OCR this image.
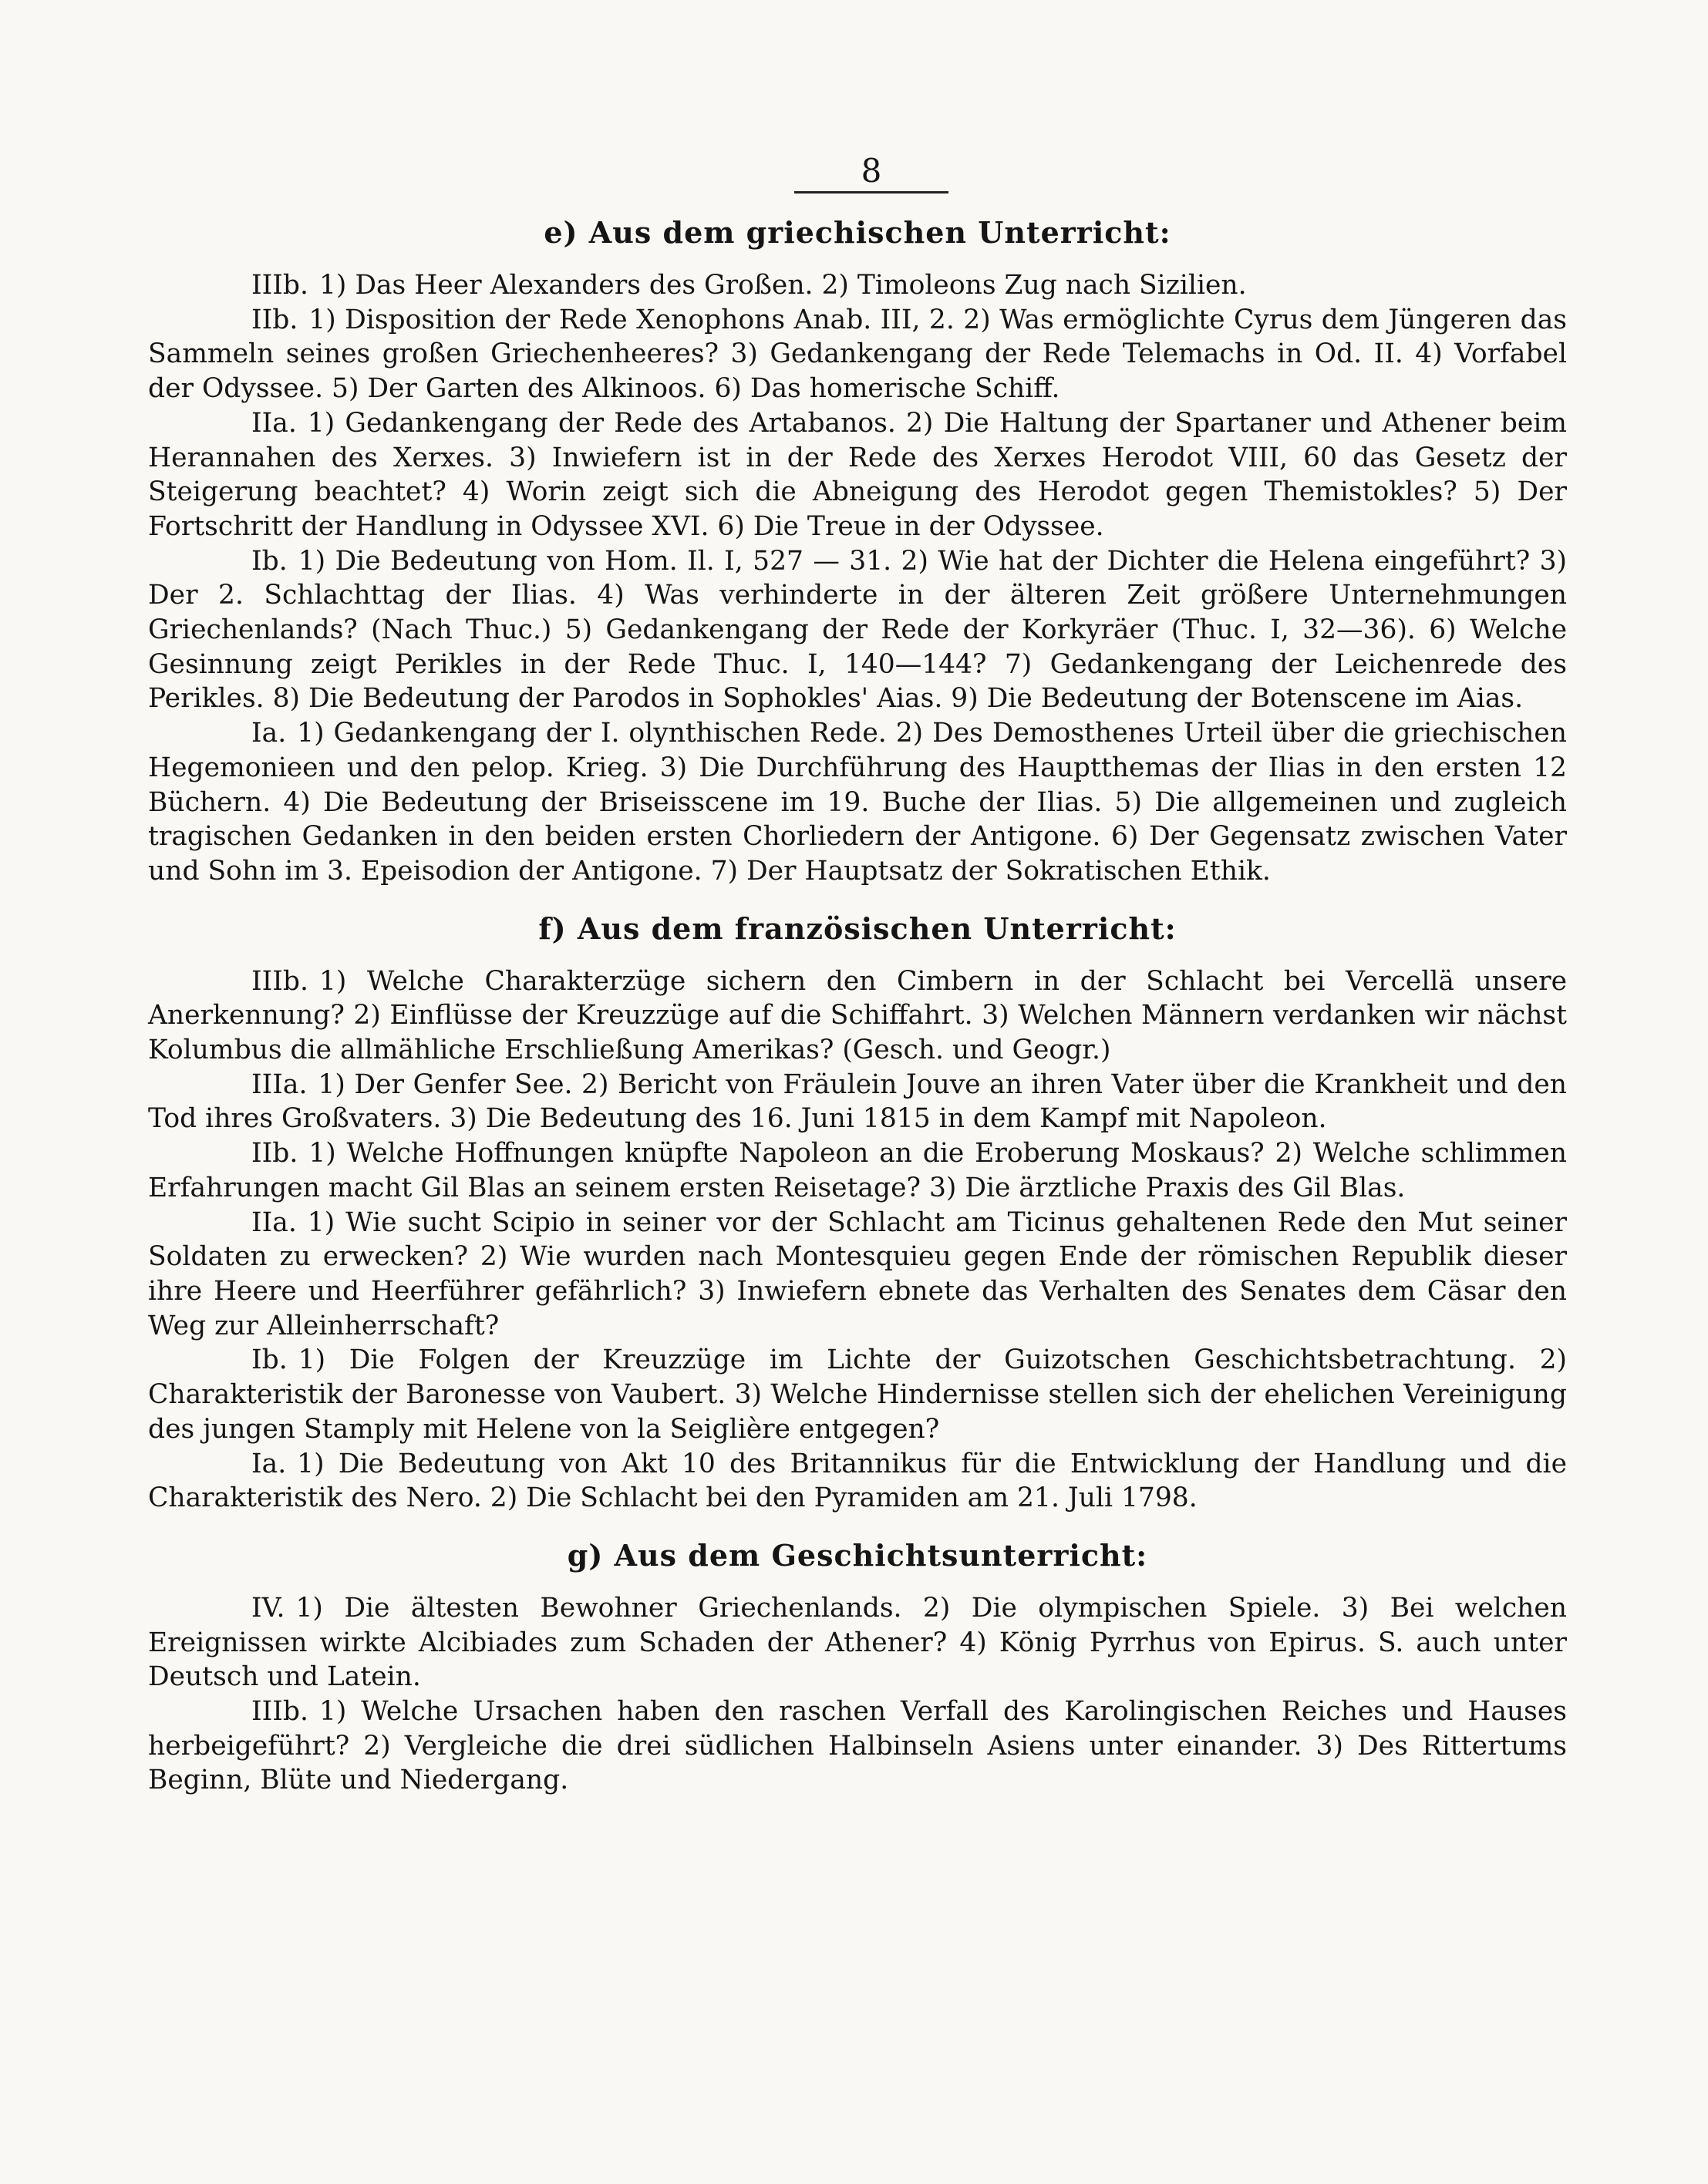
8
e) Aus dem griechischen Unterricht:

IIIb. 1) Das Heer Alexanders des Großen. 2) Timoleons Zug nach Sizilien.

IIb. 1) Disposition der Rede Xenophons Anab. III, 2. 2) Was ermöglichte Cyrus dem Jüngeren das Sammeln seines großen Griechenheeres? 3) Gedankengang der Rede Telemachs in Od. II. 4) Vorfabel der Odyssee. 5) Der Garten des Alkinoos. 6) Das homerische Schiff.

IIa. 1) Gedankengang der Rede des Artabanos. 2) Die Haltung der Spartaner und Athener beim Herannahen des Xerxes. 3) Inwiefern ist in der Rede des Xerxes Herodot VIII, 60 das Gesetz der Steigerung beachtet? 4) Worin zeigt sich die Abneigung des Herodot gegen Themistokles? 5) Der Fortschritt der Handlung in Odyssee XVI. 6) Die Treue in der Odyssee.

Ib. 1) Die Bedeutung von Hom. Il. I, 527 — 31. 2) Wie hat der Dichter die Helena eingeführt? 3) Der 2. Schlachttag der Ilias. 4) Was verhinderte in der älteren Zeit größere Unternehmungen Griechenlands? (Nach Thuc.) 5) Gedankengang der Rede der Korkyräer (Thuc. I, 32—36). 6) Welche Gesinnung zeigt Perikles in der Rede Thuc. I, 140—144? 7) Gedankengang der Leichenrede des Perikles. 8) Die Bedeutung der Parodos in Sophokles' Aias. 9) Die Bedeutung der Botenscene im Aias.

Ia. 1) Gedankengang der I. olynthischen Rede. 2) Des Demosthenes Urteil über die griechischen Hegemonieen und den pelop. Krieg. 3) Die Durchführung des Hauptthemas der Ilias in den ersten 12 Büchern. 4) Die Bedeutung der Briseisscene im 19. Buche der Ilias. 5) Die allgemeinen und zugleich tragischen Gedanken in den beiden ersten Chorliedern der Antigone. 6) Der Gegensatz zwischen Vater und Sohn im 3. Epeisodion der Antigone. 7) Der Hauptsatz der Sokratischen Ethik.

f) Aus dem französischen Unterricht:

IIIb. 1) Welche Charakterzüge sichern den Cimbern in der Schlacht bei Vercellä unsere Anerkennung? 2) Einflüsse der Kreuzzüge auf die Schiffahrt. 3) Welchen Männern verdanken wir nächst Kolumbus die allmähliche Erschließung Amerikas? (Gesch. und Geogr.)

IIIa. 1) Der Genfer See. 2) Bericht von Fräulein Jouve an ihren Vater über die Krankheit und den Tod ihres Großvaters. 3) Die Bedeutung des 16. Juni 1815 in dem Kampf mit Napoleon.

IIb. 1) Welche Hoffnungen knüpfte Napoleon an die Eroberung Moskaus? 2) Welche schlimmen Erfahrungen macht Gil Blas an seinem ersten Reisetage? 3) Die ärztliche Praxis des Gil Blas.

IIa. 1) Wie sucht Scipio in seiner vor der Schlacht am Ticinus gehaltenen Rede den Mut seiner Soldaten zu erwecken? 2) Wie wurden nach Montesquieu gegen Ende der römischen Republik dieser ihre Heere und Heerführer gefährlich? 3) Inwiefern ebnete das Verhalten des Senates dem Cäsar den Weg zur Alleinherrschaft?

Ib. 1) Die Folgen der Kreuzzüge im Lichte der Guizotschen Geschichtsbetrachtung. 2) Charakteristik der Baronesse von Vaubert. 3) Welche Hindernisse stellen sich der ehelichen Vereinigung des jungen Stamply mit Helene von la Seiglière entgegen?

Ia. 1) Die Bedeutung von Akt 10 des Britannikus für die Entwicklung der Handlung und die Charakteristik des Nero. 2) Die Schlacht bei den Pyramiden am 21. Juli 1798.

g) Aus dem Geschichtsunterricht:

IV. 1) Die ältesten Bewohner Griechenlands. 2) Die olympischen Spiele. 3) Bei welchen Ereignissen wirkte Alcibiades zum Schaden der Athener? 4) König Pyrrhus von Epirus. S. auch unter Deutsch und Latein.

IIIb. 1) Welche Ursachen haben den raschen Verfall des Karolingischen Reiches und Hauses herbeigeführt? 2) Vergleiche die drei südlichen Halbinseln Asiens unter einander. 3) Des Rittertums Beginn, Blüte und Niedergang.
